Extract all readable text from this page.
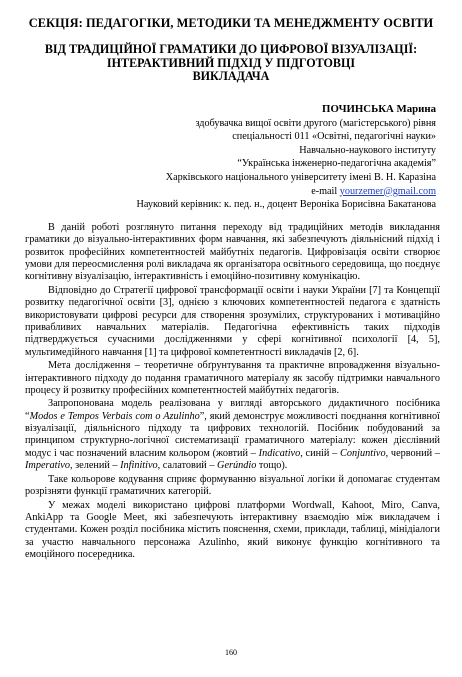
СЕКЦІЯ: ПЕДАГОГІКИ, МЕТОДИКИ ТА МЕНЕДЖМЕНТУ ОСВІТИ
ВІД ТРАДИЦІЙНОЇ ГРАМАТИКИ ДО ЦИФРОВОЇ ВІЗУАЛІЗАЦІЇ:
ІНТЕРАКТИВНИЙ ПІДХІД У ПІДГОТОВЦІ
ВИКЛАДАЧА
ПОЧИНСЬКА Марина
здобувачка вищої освіти другого (магістерського) рівня
спеціальності 011 «Освітні, педагогічні науки»
Навчально-наукового інституту
“Українська інженерно-педагогічна академія”
Харківського національного університету імені В. Н. Каразіна
e-mail yourzemer@gmail.com
Науковий керівник: к. пед. н., доцент Вероніка Борисівна Бакатанова

В даній роботі розглянуто питання переходу від традиційних методів викладання граматики до візуально-інтерактивних форм навчання, які забезпечують діяльнісний підхід і розвиток професійних компетентностей майбутніх педагогів. Цифровізація освіти створює умови для переосмислення ролі викладача як організатора освітнього середовища, що поєднує когнітивну візуалізацію, інтерактивність і емоційно-позитивну комунікацію.

Відповідно до Стратегії цифрової трансформації освіти і науки України [7] та Концепції розвитку педагогічної освіти [3], однією з ключових компетентностей педагога є здатність використовувати цифрові ресурси для створення зрозумілих, структурованих і мотиваційно привабливих навчальних матеріалів. Педагогічна ефективність таких підходів підтверджується сучасними дослідженнями у сфері когнітивної психології [4, 5], мультимедійного навчання [1] та цифрової компетентності викладачів [2, 6].

Мета дослідження – теоретичне обґрунтування та практичне впровадження візуально-інтерактивного підходу до подання граматичного матеріалу як засобу підтримки навчального процесу й розвитку професійних компетентностей майбутніх педагогів.

Запропонована модель реалізована у вигляді авторського дидактичного посібника “Modos e Tempos Verbais com o Azulinho”, який демонструє можливості поєднання когнітивної візуалізації, діяльнісного підходу та цифрових технологій. Посібник побудований за принципом структурно-логічної систематизації граматичного матеріалу: кожен дієслівний модус і час позначений власним кольором (жовтий – Indicativo, синій – Conjuntivo, червоний – Imperativo, зелений – Infinitivo, салатовий – Gerúndio тощо).

Таке кольорове кодування сприяє формуванню візуальної логіки й допомагає студентам розрізняти функції граматичних категорій.

У межах моделі використано цифрові платформи Wordwall, Kahoot, Miro, Canva, AnkiApp та Google Meet, які забезпечують інтерактивну взаємодію між викладачем і студентами. Кожен розділ посібника містить пояснення, схеми, приклади, таблиці, мінідіалоги за участю навчального персонажа Azulinho, який виконує функцію когнітивного та емоційного посередника.

160
